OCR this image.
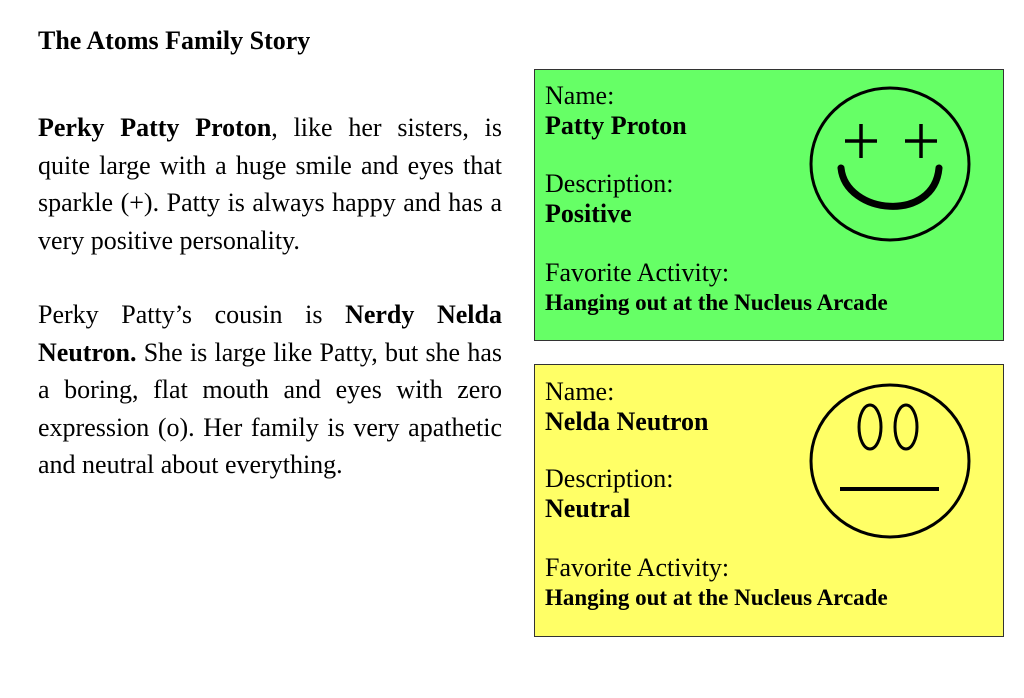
The Atoms Family Story

Perky Patty Proton, like her sisters, is quite large with a huge smile and eyes that sparkle (+). Patty is always happy and has a very positive personality.

Perky Patty’s cousin is Nerdy Nelda Neutron. She is large like Patty, but she has a boring, flat mouth and eyes with zero expression (o). Her family is very apathetic and neutral about everything.

Name:
Patty Proton
Description:
Positive
Favorite Activity:
Hanging out at the Nucleus Arcade
Name:
Nelda Neutron
Description:
Neutral
Favorite Activity:
Hanging out at the Nucleus Arcade
